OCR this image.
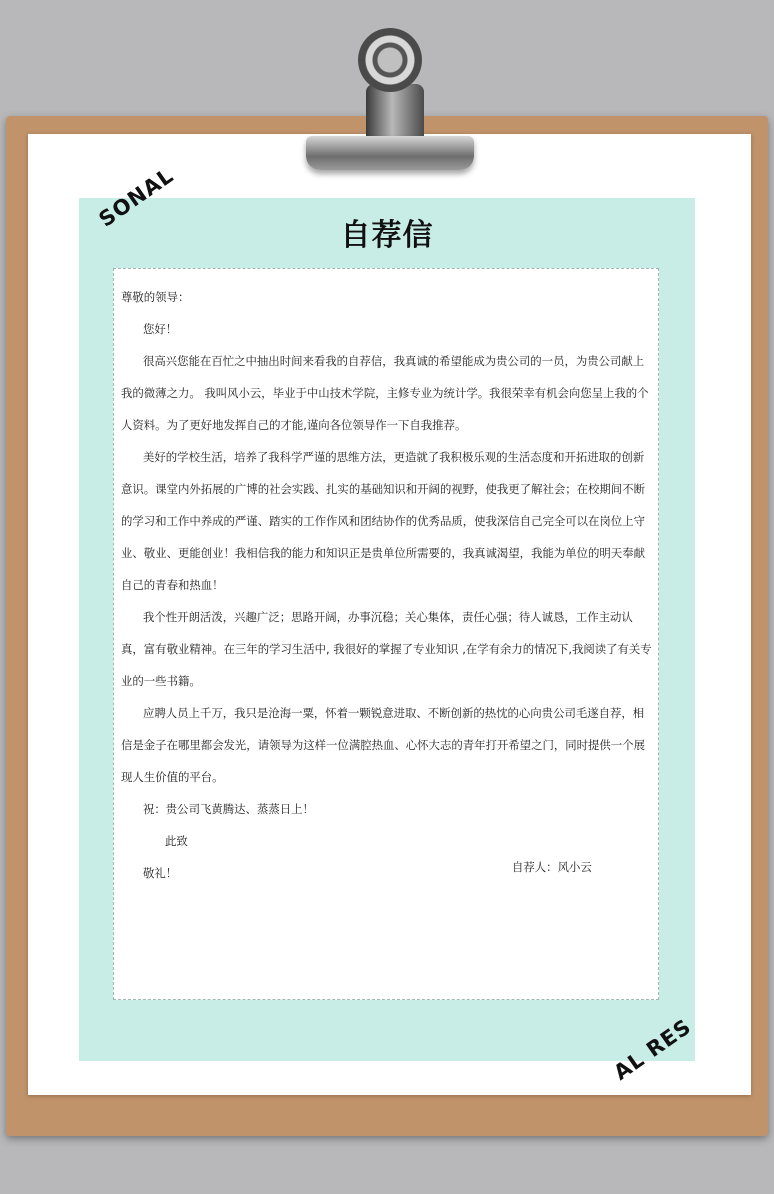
SONAL
AL RES
自荐信

尊敬的领导：

您好！

很高兴您能在百忙之中抽出时间来看我的自荐信，我真诚的希望能成为贵公司的一员，为贵公司献上我的微薄之力。 我叫风小云，毕业于中山技术学院，主修专业为统计学。我很荣幸有机会向您呈上我的个人资料。为了更好地发挥自己的才能,谨向各位领导作一下自我推荐。

美好的学校生活，培养了我科学严谨的思维方法，更造就了我积极乐观的生活态度和开拓进取的创新意识。课堂内外拓展的广博的社会实践、扎实的基础知识和开阔的视野，使我更了解社会；在校期间不断的学习和工作中养成的严谨、踏实的工作作风和团结协作的优秀品质，使我深信自己完全可以在岗位上守业、敬业、更能创业！我相信我的能力和知识正是贵单位所需要的，我真诚渴望，我能为单位的明天奉献自己的青春和热血！

我个性开朗活泼，兴趣广泛；思路开阔，办事沉稳；关心集体，责任心强；待人诚恳，工作主动认真，富有敬业精神。在三年的学习生活中, 我很好的掌握了专业知识 ,在学有余力的情况下,我阅读了有关专业的一些书籍。

应聘人员上千万，我只是沧海一粟，怀着一颗锐意进取、不断创新的热忱的心向贵公司毛遂自荐，相信是金子在哪里都会发光，请领导为这样一位满腔热血、心怀大志的青年打开希望之门，同时提供一个展现人生价值的平台。

祝：贵公司飞黄腾达、蒸蒸日上！

此致

敬礼！	自荐人：风小云
